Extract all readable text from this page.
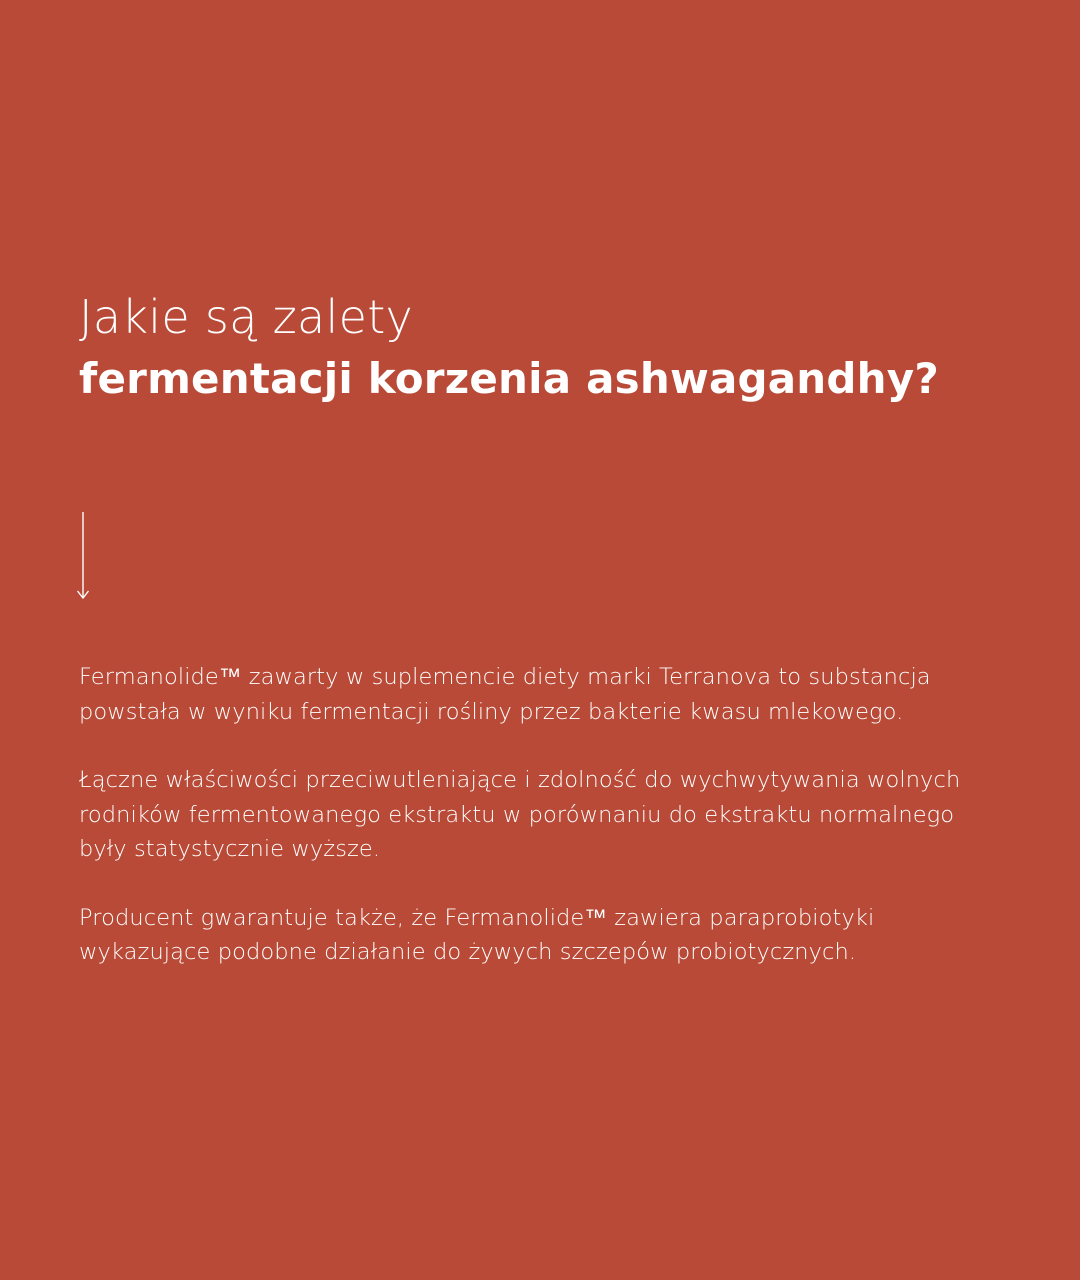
Jakie są zalety
fermentacji korzenia ashwagandhy?

Fermanolide™ zawarty w suplemencie diety marki Terranova to substancja powstała w wyniku fermentacji rośliny przez bakterie kwasu mlekowego.

Łączne właściwości przeciwutleniające i zdolność do wychwytywania wolnych rodników fermentowanego ekstraktu w porównaniu do ekstraktu normalnego były statystycznie wyższe.

Producent gwarantuje także, że Fermanolide™ zawiera paraprobiotyki wykazujące podobne działanie do żywych szczepów probiotycznych.
